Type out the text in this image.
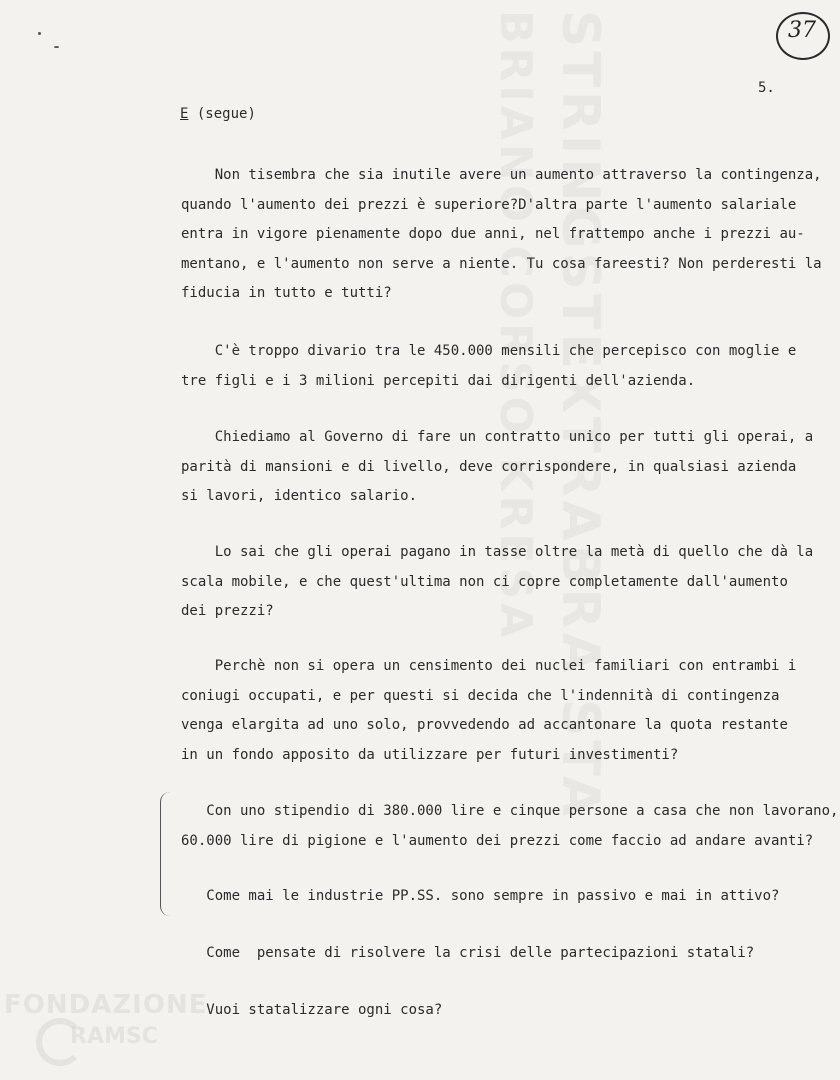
BRIANO CORSO KRESA STRINGSTEXTRABRA STA
FONDAZIONE
RAMSC
37
5.
E (segue)

Non tisembra che sia inutile avere un aumento attraverso la contingenza,
quando l'aumento dei prezzi è superiore?D'altra parte l'aumento salariale
entra in vigore pienamente dopo due anni, nel frattempo anche i prezzi au-
mentano, e l'aumento non serve a niente. Tu cosa fareesti? Non perderesti la
fiducia in tutto e tutti?

C'è troppo divario tra le 450.000 mensili che percepisco con moglie e
tre figli e i 3 milioni percepiti dai dirigenti dell'azienda.

Chiediamo al Governo di fare un contratto unico per tutti gli operai, a
parità di mansioni e di livello, deve corrispondere, in qualsiasi azienda
si lavori, identico salario.

Lo sai che gli operai pagano in tasse oltre la metà di quello che dà la
scala mobile, e che quest'ultima non ci copre completamente dall'aumento
dei prezzi?

Perchè non si opera un censimento dei nuclei familiari con entrambi i
coniugi occupati, e per questi si decida che l'indennità di contingenza
venga elargita ad uno solo, provvedendo ad accantonare la quota restante
in un fondo apposito da utilizzare per futuri investimenti?

Con uno stipendio di 380.000 lire e cinque persone a casa che non lavorano,
60.000 lire di pigione e l'aumento dei prezzi come faccio ad andare avanti?

Come mai le industrie PP.SS. sono sempre in passivo e mai in attivo?

Come  pensate di risolvere la crisi delle partecipazioni statali?

Vuoi statalizzare ogni cosa?
